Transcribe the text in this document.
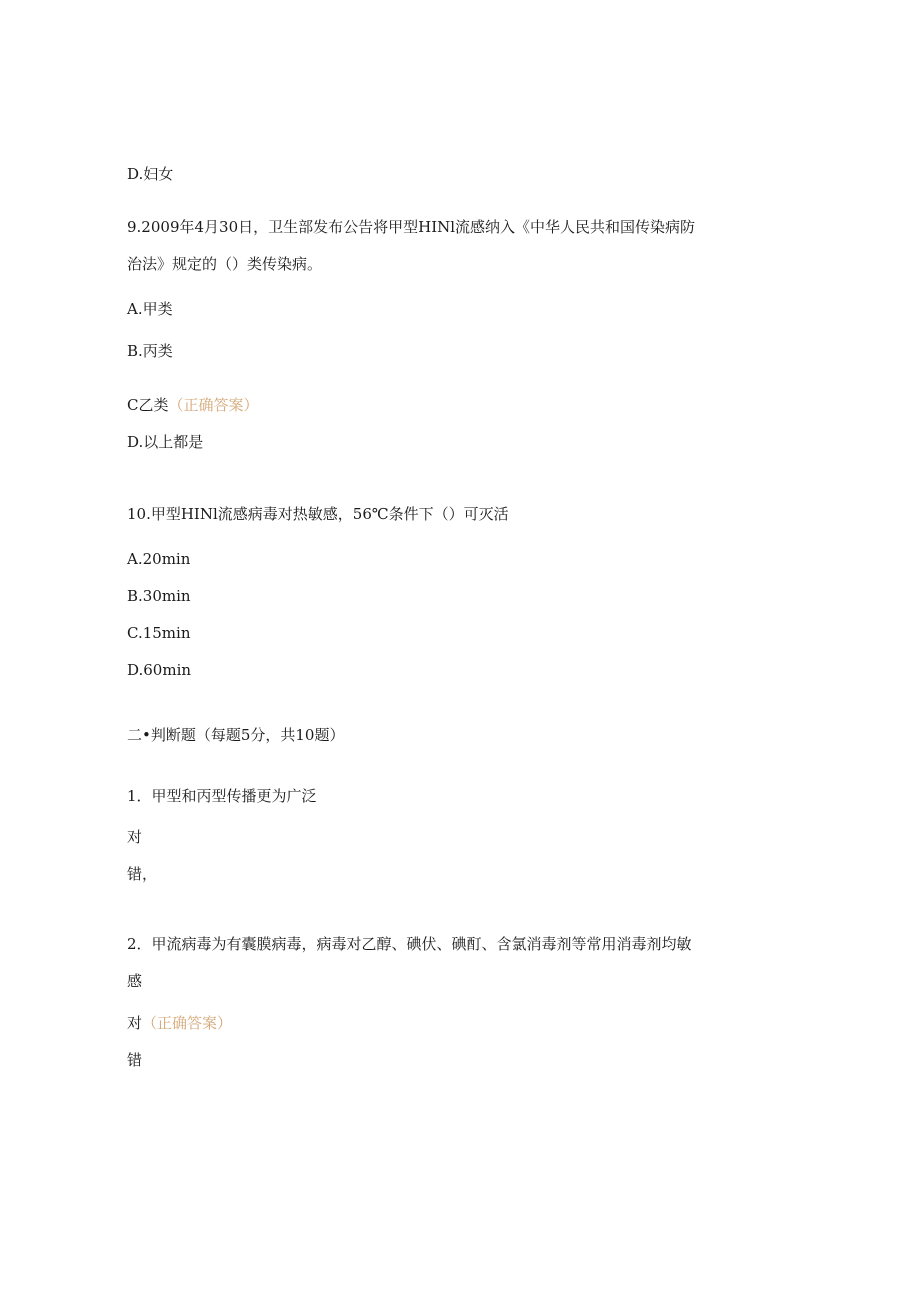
D.妇女
9.2009年4月30日，卫生部发布公告将甲型HINl流感纳入《中华人民共和国传染病防
治法》规定的（）类传染病。
A.甲类
B.丙类
C乙类（正确答案）
D.以上都是
10.甲型HINl流感病毒对热敏感，56℃条件下（）可灭活
A.20min
B.30min
C.15min
D.60min
二•判断题（每题5分，共10题）
1．甲型和丙型传播更为广泛
对
错，
2．甲流病毒为有囊膜病毒，病毒对乙醇、碘伏、碘酊、含氯消毒剂等常用消毒剂均敏
感
对（正确答案）
错
